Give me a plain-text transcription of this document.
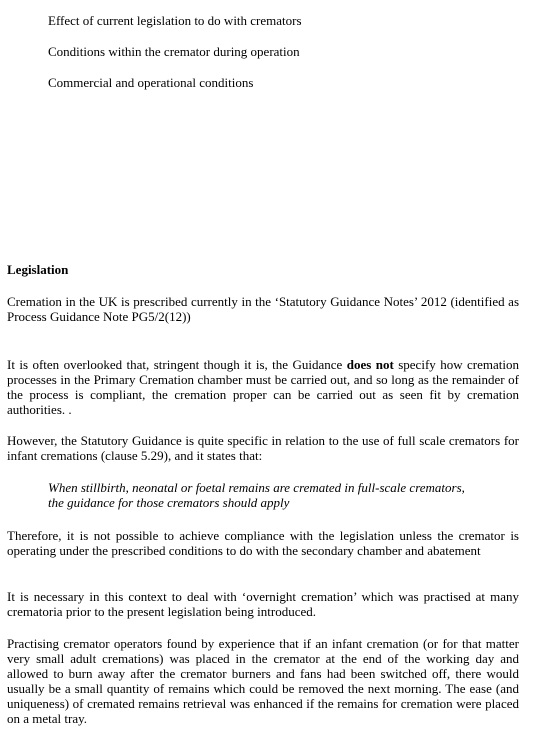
Effect of current legislation to do with cremators
Conditions within the cremator during operation
Commercial and operational conditions
Legislation
Cremation in the UK is prescribed currently in the ‘Statutory Guidance Notes’ 2012 (identified as Process Guidance Note PG5/2(12))
It is often overlooked that, stringent though it is, the Guidance does not specify how cremation processes in the Primary Cremation chamber must be carried out, and so long as the remainder of the process is compliant, the cremation proper can be carried out as seen fit by cremation authorities. .
However, the Statutory Guidance is quite specific in relation to the use of full scale cremators for infant cremations (clause 5.29), and it states that:
When stillbirth, neonatal or foetal remains are cremated in full-scale cremators, the guidance for those cremators should apply
Therefore, it is not possible to achieve compliance with the legislation unless the cremator is operating under the prescribed conditions to do with the secondary chamber and abatement
It is necessary in this context to deal with ‘overnight cremation’ which was practised at many crematoria prior to the present legislation being introduced.
Practising cremator operators found by experience that if an infant cremation (or for that matter very small adult cremations) was placed in the cremator at the end of the working day and allowed to burn away after the cremator burners and fans had been switched off, there would usually be a small quantity of remains which could be removed the next morning. The ease (and uniqueness) of cremated remains retrieval was enhanced if the remains for cremation were placed on a metal tray.
